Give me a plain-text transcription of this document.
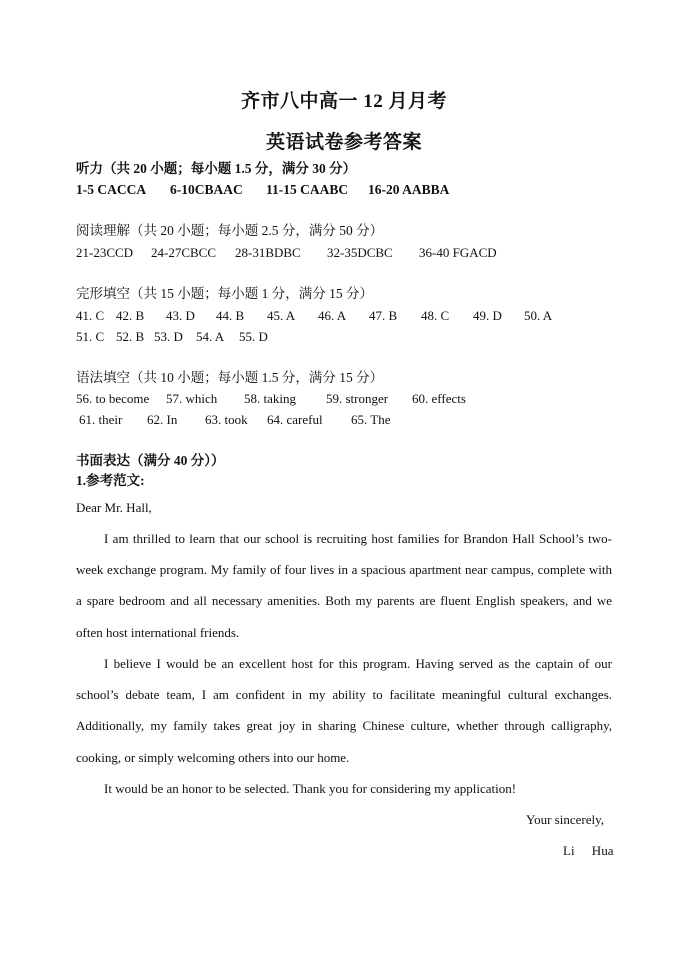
齐市八中高一 12 月月考
英语试卷参考答案
听力（共 20 小题；每小题 1.5 分，满分 30 分）
1-5 CACCA 6-10CBAAC 11-15 CAABC 16-20 AABBA
阅读理解（共 20 小题；每小题 2.5 分，满分 50 分）
21-23CCD 24-27CBCC 28-31BDBC 32-35DCBC 36-40 FGACD
完形填空（共 15 小题；每小题 1 分，满分 15 分）
41. C 42. B 43. D 44. B 45. A 46. A 47. B 48. C 49. D 50. A
51. C 52. B 53. D 54. A 55. D
语法填空（共 10 小题；每小题 1.5 分，满分 15 分）
56. to become 57. which 58. taking 59. stronger 60. effects
61. their 62. In 63. took 64. careful 65. The
书面表达（满分 40 分））
1.参考范文:
Dear Mr. Hall,
I am thrilled to learn that our school is recruiting host families for Brandon Hall School’s two-week exchange program. My family of four lives in a spacious apartment near campus, complete with a spare bedroom and all necessary amenities. Both my parents are fluent English speakers, and we often host international friends.
I believe I would be an excellent host for this program. Having served as the captain of our school’s debate team, I am confident in my ability to facilitate meaningful cultural exchanges. Additionally, my family takes great joy in sharing Chinese culture, whether through calligraphy, cooking, or simply welcoming others into our home.
It would be an honor to be selected. Thank you for considering my application!
Your sincerely,
Li Hua
